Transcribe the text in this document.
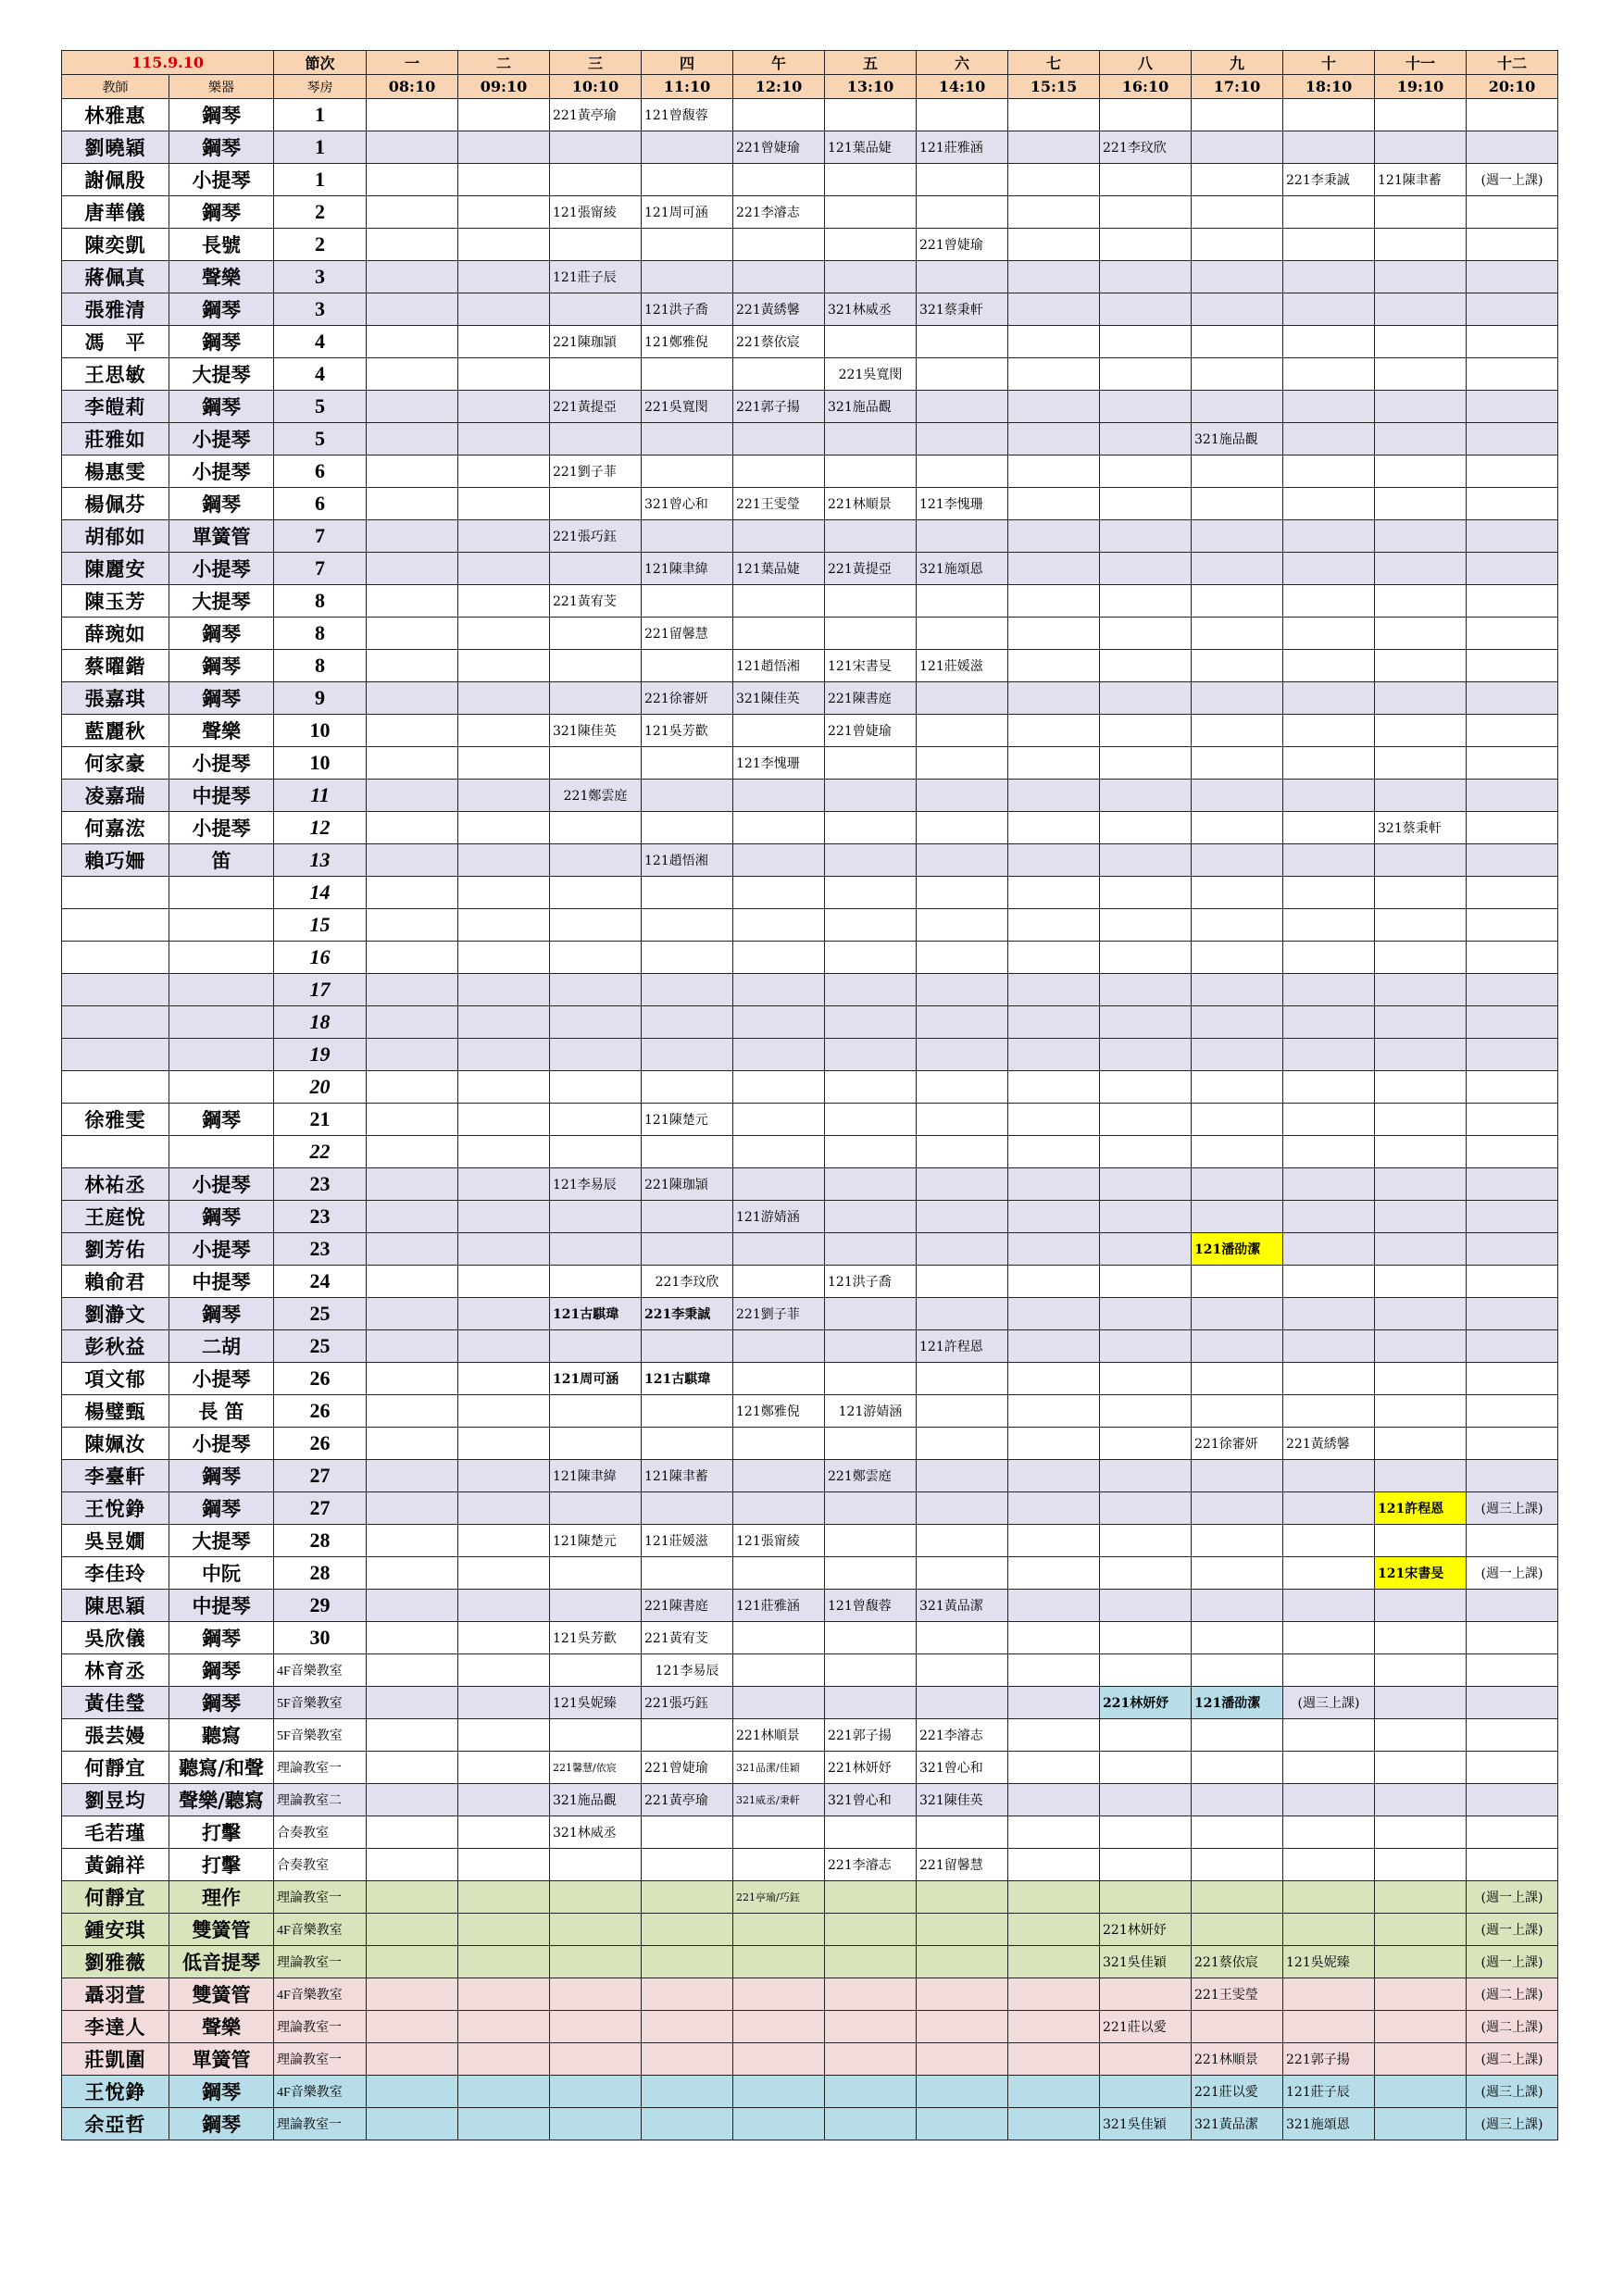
115.9.10		節次	一	二	三	四	午	五	六	七	八	九	十	十一	十二
教師	樂器	琴房	08:10	09:10	10:10	11:10	12:10	13:10	14:10	15:15	16:10	17:10	18:10	19:10	20:10
林雅惠	鋼琴	1			221黃亭瑜	121曾馥蓉									
劉曉穎	鋼琴	1					221曾婕瑜	121葉品婕	121莊雅涵		221李玟欣				
謝佩殷	小提琴	1											221李秉誠	121陳聿蓄	(週一上課)
唐華儀	鋼琴	2			121張甯綾	121周可涵	221李濬志								
陳奕凱	長號	2							221曾婕瑜						
蔣佩真	聲樂	3			121莊子辰										
張雅清	鋼琴	3				121洪子喬	221黃綉馨	321林威丞	321蔡秉軒						
馮　平	鋼琴	4			221陳珈頴	121鄭雅倪	221蔡依宸								
王思敏	大提琴	4						221吳寬閔							
李皚莉	鋼琴	5			221黃提亞	221吳寬閔	221郭子揚	321施品觀							
莊雅如	小提琴	5										321施品觀			
楊惠雯	小提琴	6			221劉子菲										
楊佩芬	鋼琴	6				321曾心和	221王雯瑩	221林順景	121李愧珊						
胡郁如	單簧管	7			221張巧鈺										
陳麗安	小提琴	7				121陳聿緯	121葉品婕	221黃提亞	321施頌恩						
陳玉芳	大提琴	8			221黃宥芠										
薛琬如	鋼琴	8				221留馨慧									
蔡曜鍇	鋼琴	8					121趙悟湘	121宋書旻	121莊媛滋						
張嘉琪	鋼琴	9				221徐審妍	321陳佳英	221陳書庭							
藍麗秋	聲樂	10			321陳佳英	121吳芳歡		221曾婕瑜							
何家豪	小提琴	10					121李愧珊								
凌嘉瑞	中提琴	11			221鄭雲庭										
何嘉浤	小提琴	12												321蔡秉軒	
賴巧姍	笛	13				121趙悟湘									
		14													
		15													
		16													
		17													
		18													
		19													
		20													
徐雅雯	鋼琴	21				121陳楚元									
		22													
林祐丞	小提琴	23			121李易辰	221陳珈頴									
王庭悅	鋼琴	23					121游婧涵								
劉芳佑	小提琴	23										121潘劭潔			
賴俞君	中提琴	24				221李玟欣		121洪子喬							
劉瀞文	鋼琴	25			121古騏瑋	221李秉誠	221劉子菲								
彭秋益	二胡	25							121許程恩						
項文郁	小提琴	26			121周可涵	121古騏瑋									
楊璧甄	長 笛	26					121鄭雅倪	121游婧涵							
陳姵汝	小提琴	26										221徐審妍	221黃綉馨		
李臺軒	鋼琴	27			121陳聿緯	121陳聿蓄		221鄭雲庭							
王悅錚	鋼琴	27												121許程恩	(週三上課)
吳昱嫺	大提琴	28			121陳楚元	121莊媛滋	121張甯綾								
李佳玲	中阮	28												121宋書旻	(週一上課)
陳思穎	中提琴	29				221陳書庭	121莊雅涵	121曾馥蓉	321黃品潔						
吳欣儀	鋼琴	30			121吳芳歡	221黃宥芠									
林育丞	鋼琴	4F音樂教室				121李易辰									
黃佳瑩	鋼琴	5F音樂教室			121吳妮臻	221張巧鈺					221林妍妤	121潘劭潔	(週三上課)		
張芸嫚	聽寫	5F音樂教室					221林順景	221郭子揚	221李濬志						
何靜宜	聽寫/和聲	理論教室一			221馨慧/依宸	221曾婕瑜	321品潔/佳穎	221林妍妤	321曾心和						
劉昱均	聲樂/聽寫	理論教室二			321施品觀	221黃亭瑜	321威丞/秉軒	321曾心和	321陳佳英						
毛若瑾	打擊	合奏教室			321林威丞										
黃錦祥	打擊	合奏教室						221李濬志	221留馨慧						
何靜宜	理作	理論教室一					221亭瑜/巧鈺								(週一上課)
鍾安琪	雙簧管	4F音樂教室									221林妍妤				(週一上課)
劉雅薇	低音提琴	理論教室一									321吳佳穎	221蔡依宸	121吳妮臻		(週一上課)
聶羽萱	雙簧管	4F音樂教室										221王雯瑩			(週二上課)
李達人	聲樂	理論教室一									221莊以愛				(週二上課)
莊凱圍	單簧管	理論教室一										221林順景	221郭子揚		(週二上課)
王悅錚	鋼琴	4F音樂教室										221莊以愛	121莊子辰		(週三上課)
余亞哲	鋼琴	理論教室一									321吳佳穎	321黃品潔	321施頌恩		(週三上課)
